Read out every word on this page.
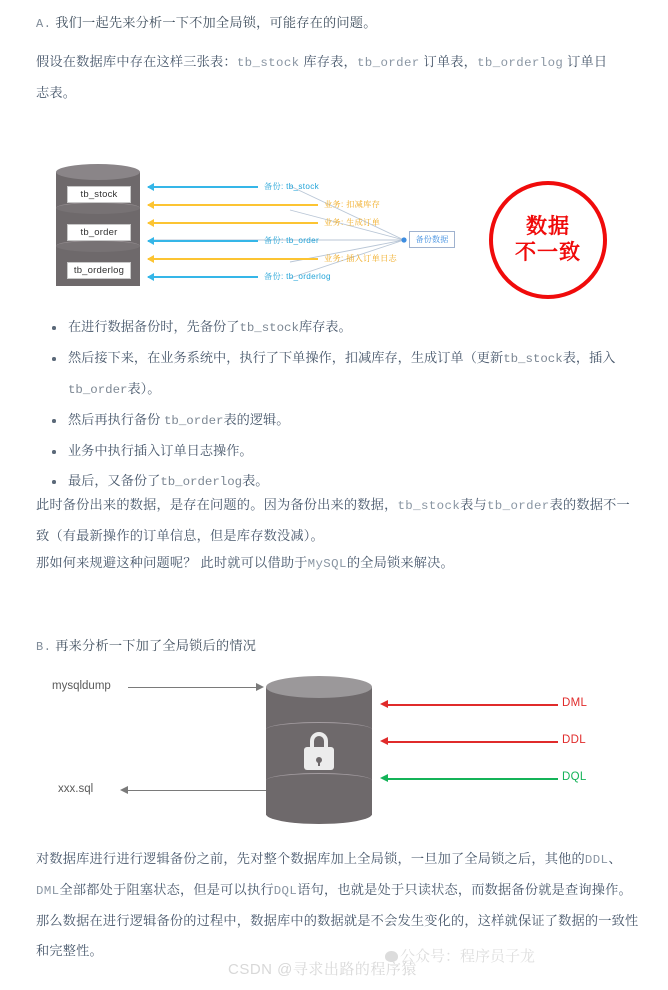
A. 我们一起先来分析一下不加全局锁，可能存在的问题。
假设在数据库中存在这样三张表：tb_stock 库存表，tb_order 订单表，tb_orderlog 订单日
志表。
tb_stock
tb_order
tb_orderlog
备份: tb_stock
业务: 扣减库存
业务: 生成订单
备份: tb_order
业务: 插入订单日志
备份: tb_orderlog
备份数据
数据
不一致
在进行数据备份时，先备份了tb_stock库存表。
然后接下来，在业务系统中，执行了下单操作，扣减库存，生成订单（更新tb_stock表，插入
tb_order表）。
然后再执行备份 tb_order表的逻辑。
业务中执行插入订单日志操作。
最后，又备份了tb_orderlog表。
此时备份出来的数据，是存在问题的。因为备份出来的数据，tb_stock表与tb_order表的数据不一
致（有最新操作的订单信息，但是库存数没减）。
那如何来规避这种问题呢？ 此时就可以借助于MySQL的全局锁来解决。
B. 再来分析一下加了全局锁后的情况
mysqldump
xxx.sql
DML
DDL
DQL
对数据库进行进行逻辑备份之前，先对整个数据库加上全局锁，一旦加了全局锁之后，其他的DDL、
DML全部都处于阻塞状态，但是可以执行DQL语句，也就是处于只读状态，而数据备份就是查询操作。
那么数据在进行逻辑备份的过程中，数据库中的数据就是不会发生变化的，这样就保证了数据的一致性
和完整性。	公众号：程序员子龙
CSDN @寻求出路的程序猿
